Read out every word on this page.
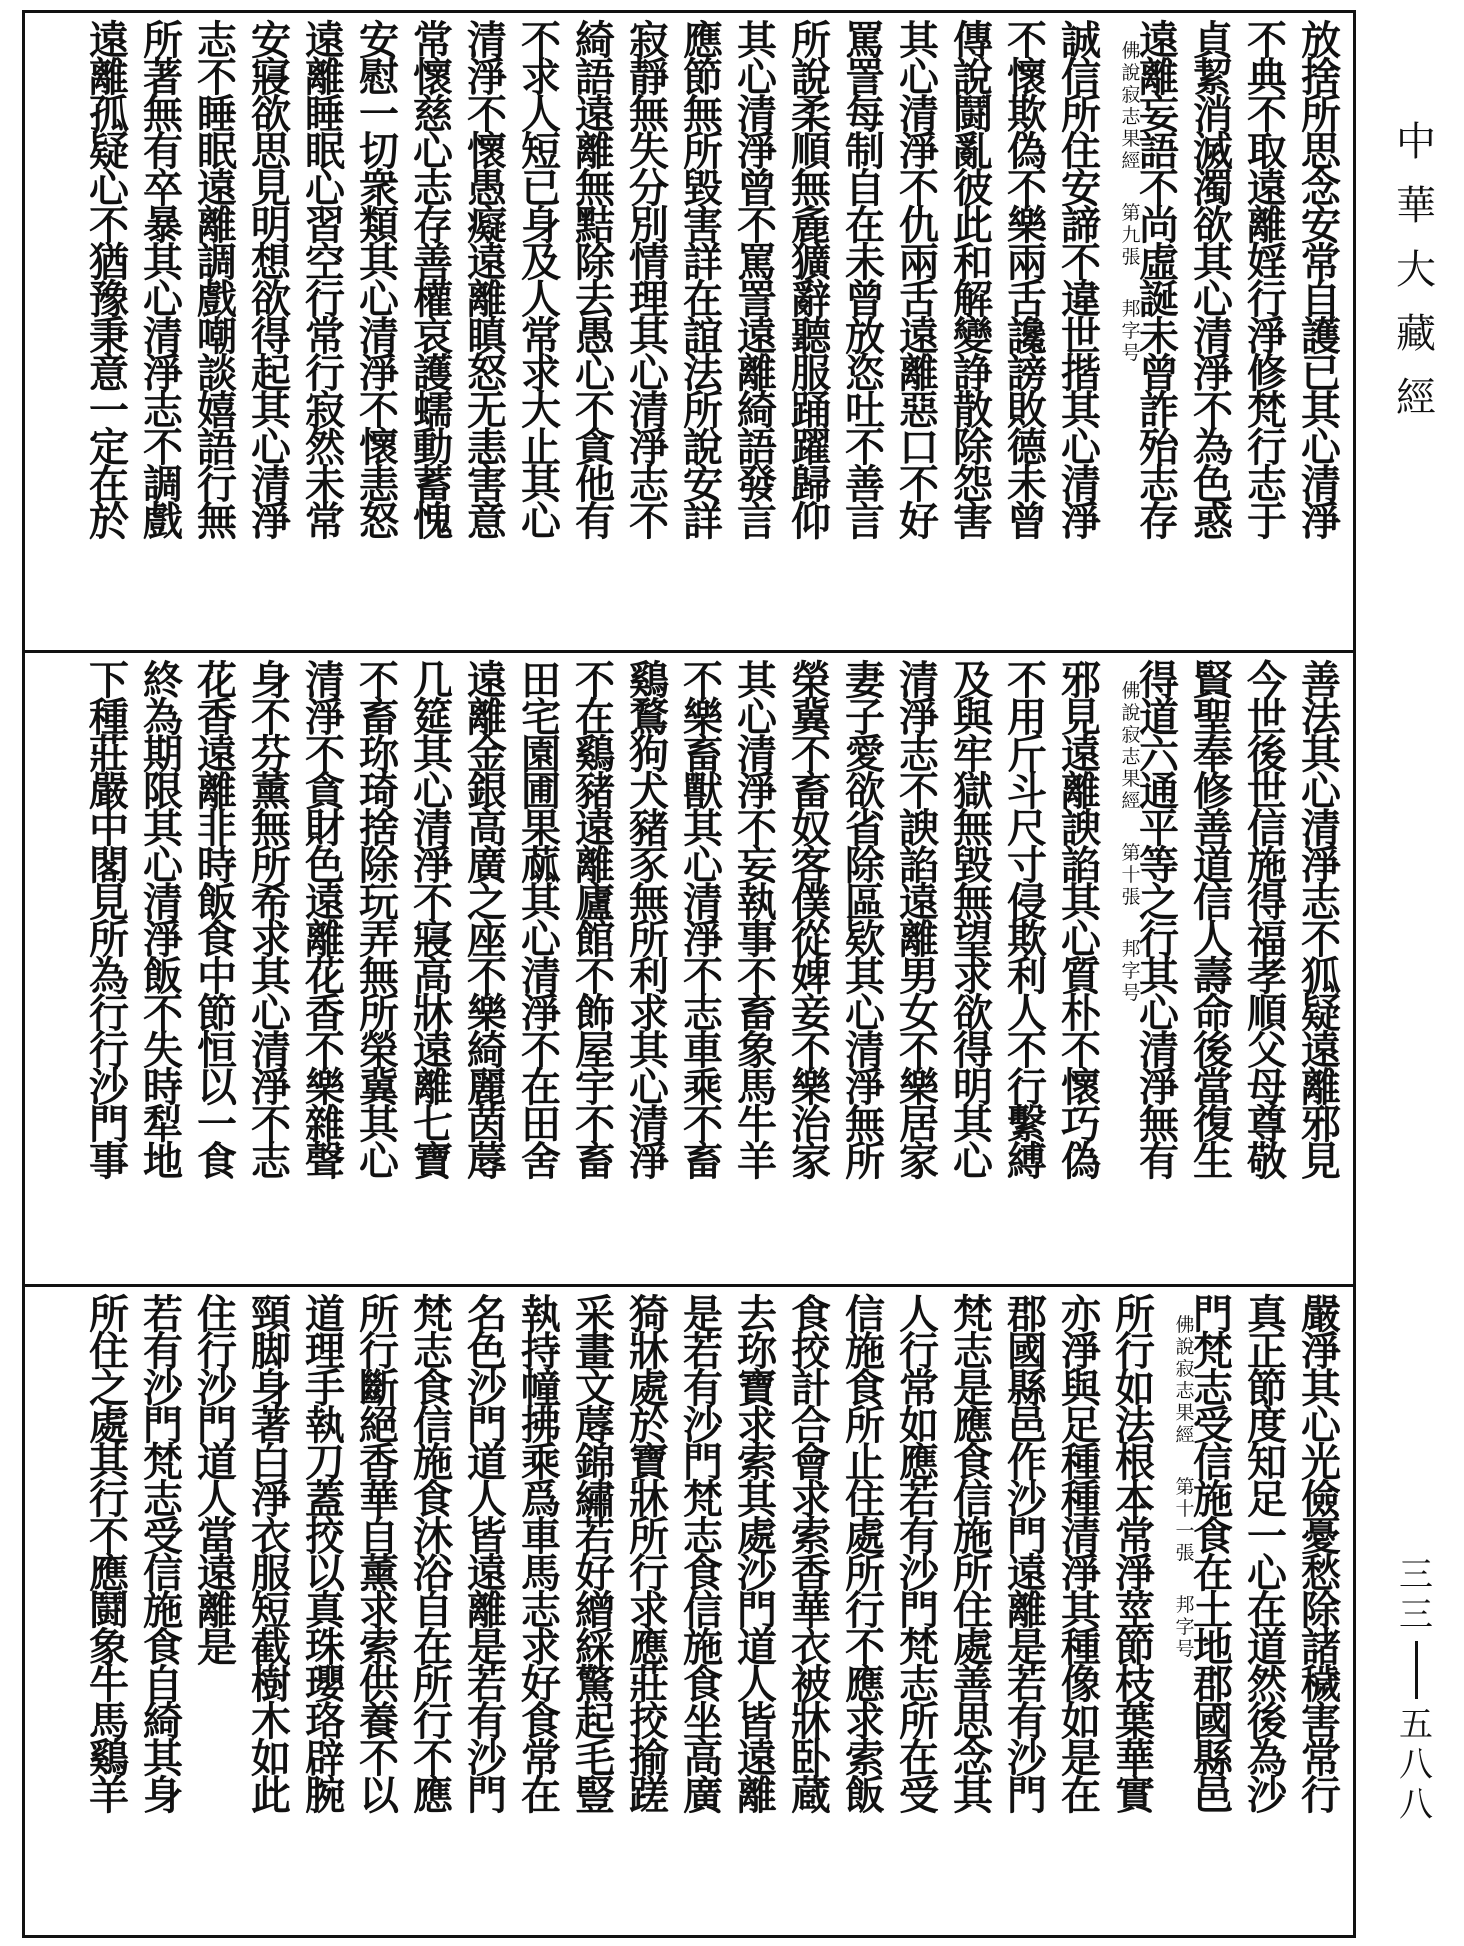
放
捨
所
思
念
安
常
自
護
已
其
心
清
淨
不
典
不
取
遠
離
婬
行
淨
修
梵
行
志
于
貞
絜
消
滅
濁
欲
其
心
清
淨
不
為
色
惑
遠
離
妄
語
不
尚
虛
誕
未
曾
詐
殆
志
存
誠
信
所
住
安
諦
不
違
世
揩
其
心
清
淨
不
懷
欺
偽
不
樂
兩
舌
讒
謗
敗
德
未
曾
傳
說
鬪
亂
彼
此
和
解
變
諍
散
除
怨
害
其
心
清
淨
不
仇
兩
舌
遠
離
惡
口
不
好
罵
詈
每
制
自
在
未
曾
放
恣
吐
不
善
言
所
說
柔
順
無
麁
獷
辭
聽
服
踊
躍
歸
仰
其
心
清
淨
曾
不
罵
詈
遠
離
綺
語
發
言
應
節
無
所
毀
害
詳
在
誼
法
所
說
安
詳
寂
靜
無
失
分
別
情
理
其
心
清
淨
志
不
綺
語
遠
離
無
黠
除
去
愚
心
不
貪
他
有
不
求
人
短
已
身
及
人
常
求
大
止
其
心
清
淨
不
懷
愚
癡
遠
離
瞋
怒
无
恚
害
意
常
懷
慈
心
志
存
善
權
哀
護
蠕
動
蓄
愧
安
慰
一
切
衆
類
其
心
清
淨
不
懷
恚
怒
遠
離
睡
眠
心
習
空
行
常
行
寂
然
未
常
安
寢
欲
思
見
明
想
欲
得
起
其
心
清
淨
志
不
睡
眠
遠
離
調
戲
嘲
談
嬉
語
行
無
所
著
無
有
卒
暴
其
心
清
淨
志
不
調
戲
遠
離
孤
疑
心
不
猶
豫
秉
意
一
定
在
於
佛
說
寂
志
果
經
第
九
張
邦
字
号
善
法
其
心
清
淨
志
不
狐
疑
遠
離
邪
見
今
世
後
世
信
施
得
福
孝
順
父
母
尊
敬
賢
聖
奉
修
善
道
信
人
壽
命
後
當
復
生
得
道
六
通
平
等
之
行
其
心
清
淨
無
有
邪
見
遠
離
諛
諂
其
心
質
朴
不
懷
巧
偽
不
用
斤
斗
尺
寸
侵
欺
利
人
不
行
繫
縛
及
與
牢
獄
無
毀
無
望
求
欲
得
明
其
心
清
淨
志
不
諛
諂
遠
離
男
女
不
樂
居
家
妻
子
愛
欲
省
除
區
欵
其
心
清
淨
無
所
榮
冀
不
畜
奴
客
僕
從
婢
妾
不
樂
治
家
其
心
清
淨
不
妄
執
事
不
畜
象
馬
牛
羊
不
樂
畜
獸
其
心
清
淨
不
志
車
乘
不
畜
鷄
鶩
狗
犬
豬
豕
無
所
利
求
其
心
清
淨
不
在
鷄
豬
遠
離
廬
館
不
飾
屋
宇
不
畜
田
宅
園
圃
果
蓏
其
心
清
淨
不
在
田
舍
遠
離
金
銀
高
廣
之
座
不
樂
綺
麗
茵
蓐
几
筵
其
心
清
淨
不
寢
高
牀
遠
離
七
寶
不
畜
珎
琦
捨
除
玩
弄
無
所
榮
冀
其
心
清
淨
不
貪
財
色
遠
離
花
香
不
樂
雜
聲
身
不
芬
薰
無
所
希
求
其
心
清
淨
不
志
花
香
遠
離
非
時
飯
食
中
節
恒
以
一
食
終
為
期
限
其
心
清
淨
飯
不
失
時
犁
地
下
種
莊
嚴
中
閣
見
所
為
行
行
沙
門
事
佛
說
寂
志
果
經
第
十
張
邦
字
号
嚴
淨
其
心
光
儉
憂
愁
除
諸
穢
害
常
行
真
正
節
度
知
足
一
心
在
道
然
後
為
沙
門
梵
志
受
信
施
食
在
土
地
郡
國
縣
邑
所
行
如
法
根
本
常
淨
莖
節
枝
葉
華
實
亦
淨
與
足
種
種
清
淨
其
種
像
如
是
在
郡
國
縣
邑
作
沙
門
遠
離
是
若
有
沙
門
梵
志
是
應
食
信
施
所
住
處
善
思
念
其
人
行
常
如
應
若
有
沙
門
梵
志
所
在
受
信
施
食
所
止
住
處
所
行
不
應
求
索
飯
食
挍
計
合
會
求
索
香
華
衣
被
牀
卧
蔵
去
珎
寶
求
索
其
處
沙
門
道
人
皆
遠
離
是
若
有
沙
門
梵
志
食
信
施
食
坐
高
廣
猗
牀
處
於
寶
牀
所
行
求
應
莊
挍
揄
蹉
采
畫
文
蓐
錦
繡
若
好
繒
綵
驚
起
毛
豎
執
持
幢
拂
乘
爲
車
馬
志
求
好
食
常
在
名
色
沙
門
道
人
皆
遠
離
是
若
有
沙
門
梵
志
食
信
施
食
沐
浴
自
在
所
行
不
應
所
行
斷
絕
香
華
自
薰
求
索
供
養
不
以
道
理
手
執
刀
蓋
挍
以
真
珠
瓔
珞
辟
腕
頸
脚
身
著
白
淨
衣
服
短
截
樹
木
如
此
住
行
沙
門
道
人
當
遠
離
是
若
有
沙
門
梵
志
受
信
施
食
自
綺
其
身
所
住
之
處
其
行
不
應
鬪
象
牛
馬
鷄
羊
佛
說
寂
志
果
經
第
十
一
張
邦
字
号
中
華
大
藏
經
三
三
五
八
八
